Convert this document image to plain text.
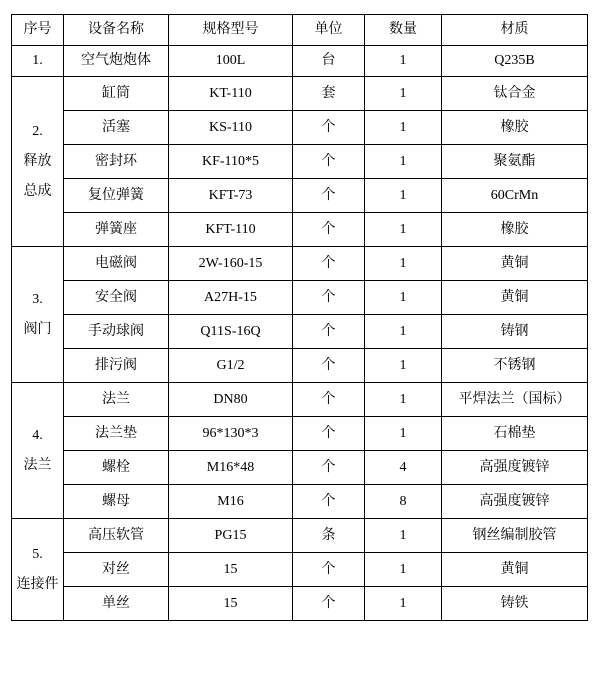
序号	设备名称	规格型号	单位	数量	材质
1.	空气炮炮体	100L	台	1	Q235B

2.
释放
总成	缸筒	KT-110	套	1	钛合金
	活塞	KS-110	个	1	橡胶
	密封环	KF-110*5	个	1	聚氨酯
	复位弹簧	KFT-73	个	1	60CrMn
	弹簧座	KFT-110	个	1	橡胶

3.
阀门	电磁阀	2W-160-15	个	1	黄铜
	安全阀	A27H-15	个	1	黄铜
	手动球阀	Q11S-16Q	个	1	铸钢
	排污阀	G1/2	个	1	不锈钢

4.
法兰	法兰	DN80	个	1	平焊法兰（国标）
	法兰垫	96*130*3	个	1	石棉垫
	螺栓	M16*48	个	4	高强度镀锌
	螺母	M16	个	8	高强度镀锌

5.
连接件	高压软管	PG15	条	1	钢丝编制胶管
	对丝	15	个	1	黄铜
	单丝	15	个	1	铸铁
